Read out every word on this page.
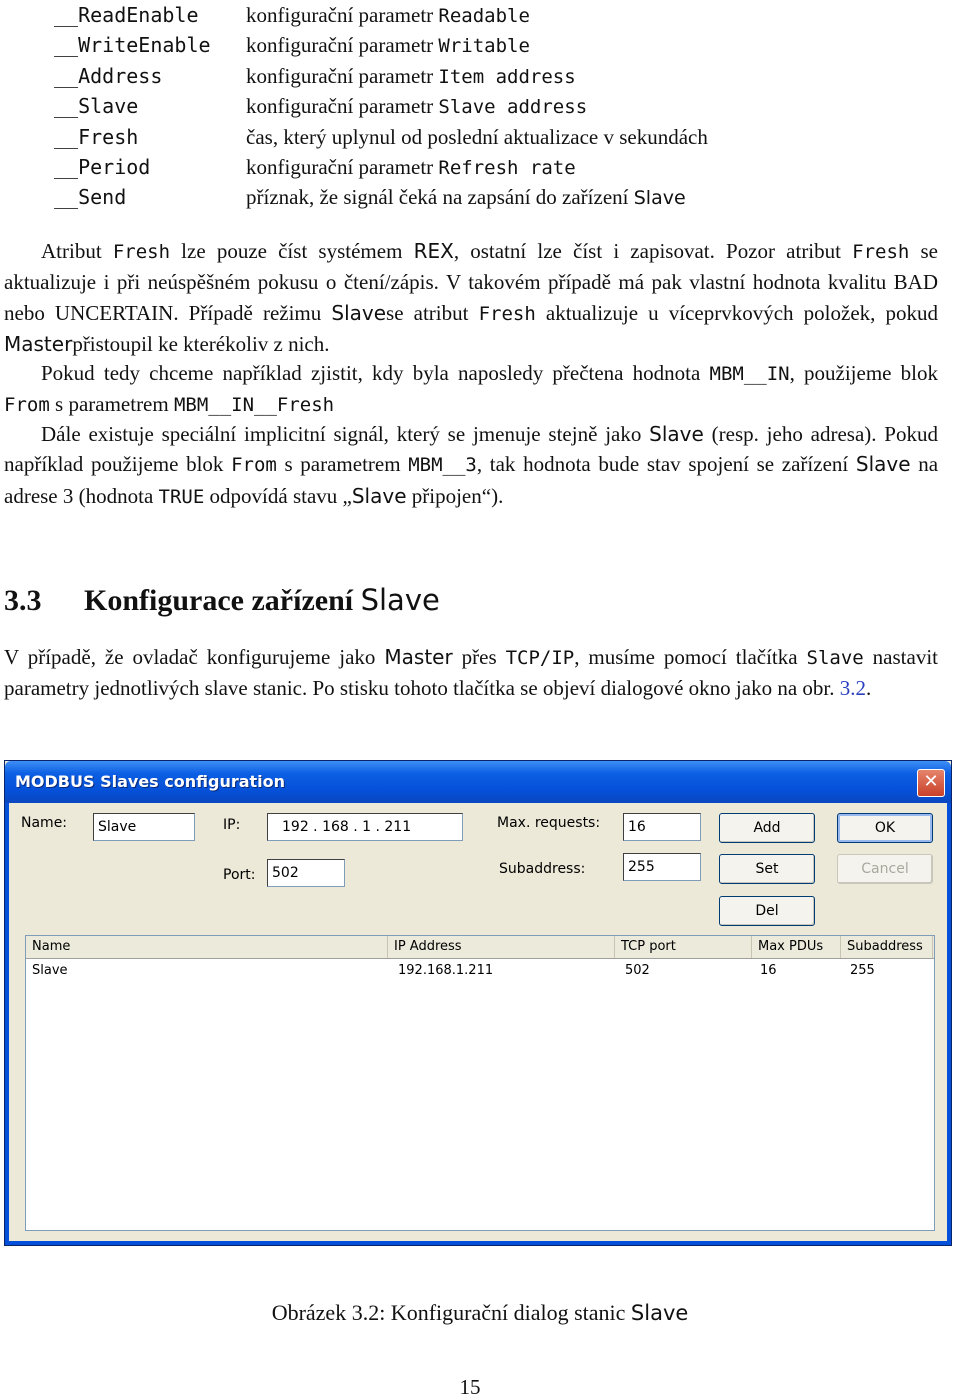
__ReadEnable konfigurační parametr Readable
__WriteEnable konfigurační parametr Writable
__Address	konfigurační parametr Item address
__Slave	konfigurační parametr Slave address
__Fresh	čas, který uplynul od poslední aktualizace v sekundách
__Period	konfigurační parametr Refresh rate
__Send	příznak, že signál čeká na zapsání do zařízení Slave
Atribut Fresh lze pouze číst systémem REX, ostatní lze číst i zapisovat. Pozor atribut Fresh se aktualizuje i při neúspěšném pokusu o čtení/zápis. V takovém případě má pak vlastní hodnota kvalitu BAD nebo UNCERTAIN. Případě režimu Slavese atribut Fresh aktualizuje u víceprvkových položek, pokud Masterpřistoupil ke kterékoliv z nich.
Pokud tedy chceme například zjistit, kdy byla naposledy přečtena hodnota MBM__IN, použijeme blok From s parametrem MBM__IN__Fresh
Dále existuje speciální implicitní signál, který se jmenuje stejně jako Slave (resp. jeho adresa). Pokud například použijeme blok From s parametrem MBM__3, tak hodnota bude stav spojení se zařízení Slave na adrese 3 (hodnota TRUE odpovídá stavu „Slave připojen“).
3.3 Konfigurace zařízení Slave
V případě, že ovladač konfigurujeme jako Master přes TCP/IP, musíme pomocí tlačítka Slave nastavit parametry jednotlivých slave stanic. Po stisku tohoto tlačítka se objeví dialogové okno jako na obr. 3.2.
MODBUS Slaves configuration	✕
Name:	Slave	IP:	192 . 168 . 1 . 211
Port:	502
Max. requests:	16
Subaddress:	255
Add
Set
Del
OK
Cancel
Name	IP Address	TCP port	Max PDUs	Subaddress
Slave	192.168.1.211	502	16	255
Obrázek 3.2: Konfigurační dialog stanic Slave
15
